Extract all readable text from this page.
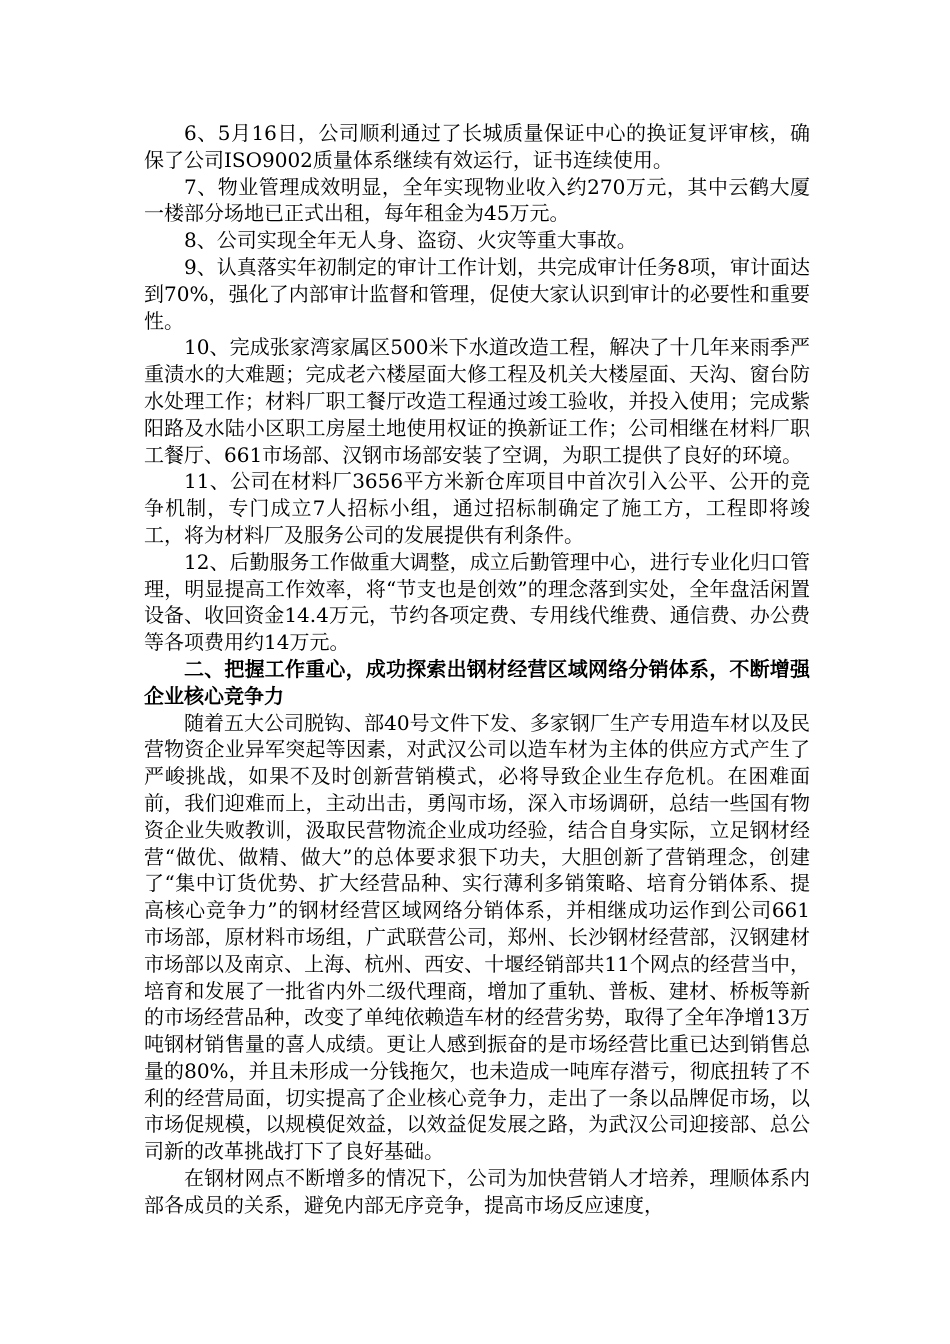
6、5月16日，公司顺利通过了长城质量保证中心的换证复评审核，确保了公司ISO9002质量体系继续有效运行，证书连续使用。

7、物业管理成效明显，全年实现物业收入约270万元，其中云鹤大厦一楼部分场地已正式出租，每年租金为45万元。

8、公司实现全年无人身、盗窃、火灾等重大事故。

9、认真落实年初制定的审计工作计划，共完成审计任务8项，审计面达到70%，强化了内部审计监督和管理，促使大家认识到审计的必要性和重要性。

10、完成张家湾家属区500米下水道改造工程，解决了十几年来雨季严重渍水的大难题；完成老六楼屋面大修工程及机关大楼屋面、天沟、窗台防水处理工作；材料厂职工餐厅改造工程通过竣工验收，并投入使用；完成紫阳路及水陆小区职工房屋土地使用权证的换新证工作；公司相继在材料厂职工餐厅、661市场部、汉钢市场部安装了空调，为职工提供了良好的环境。

11、公司在材料厂3656平方米新仓库项目中首次引入公平、公开的竞争机制，专门成立7人招标小组，通过招标制确定了施工方，工程即将竣工，将为材料厂及服务公司的发展提供有利条件。

12、后勤服务工作做重大调整，成立后勤管理中心，进行专业化归口管理，明显提高工作效率，将“节支也是创效”的理念落到实处，全年盘活闲置设备、收回资金14.4万元，节约各项定费、专用线代维费、通信费、办公费等各项费用约14万元。

二、把握工作重心，成功探索出钢材经营区域网络分销体系，不断增强企业核心竞争力

随着五大公司脱钩、部40号文件下发、多家钢厂生产专用造车材以及民营物资企业异军突起等因素，对武汉公司以造车材为主体的供应方式产生了严峻挑战，如果不及时创新营销模式，必将导致企业生存危机。在困难面前，我们迎难而上，主动出击，勇闯市场，深入市场调研，总结一些国有物资企业失败教训，汲取民营物流企业成功经验，结合自身实际，立足钢材经营“做优、做精、做大”的总体要求狠下功夫，大胆创新了营销理念，创建了“集中订货优势、扩大经营品种、实行薄利多销策略、培育分销体系、提高核心竞争力”的钢材经营区域网络分销体系，并相继成功运作到公司661市场部，原材料市场组，广武联营公司，郑州、长沙钢材经营部，汉钢建材市场部以及南京、上海、杭州、西安、十堰经销部共11个网点的经营当中，培育和发展了一批省内外二级代理商，增加了重轨、普板、建材、桥板等新的市场经营品种，改变了单纯依赖造车材的经营劣势，取得了全年净增13万吨钢材销售量的喜人成绩。更让人感到振奋的是市场经营比重已达到销售总量的80%，并且未形成一分钱拖欠，也未造成一吨库存潜亏，彻底扭转了不利的经营局面，切实提高了企业核心竞争力，走出了一条以品牌促市场，以市场促规模，以规模促效益，以效益促发展之路，为武汉公司迎接部、总公司新的改革挑战打下了良好基础。

在钢材网点不断增多的情况下，公司为加快营销人才培养，理顺体系内部各成员的关系，避免内部无序竞争，提高市场反应速度，
